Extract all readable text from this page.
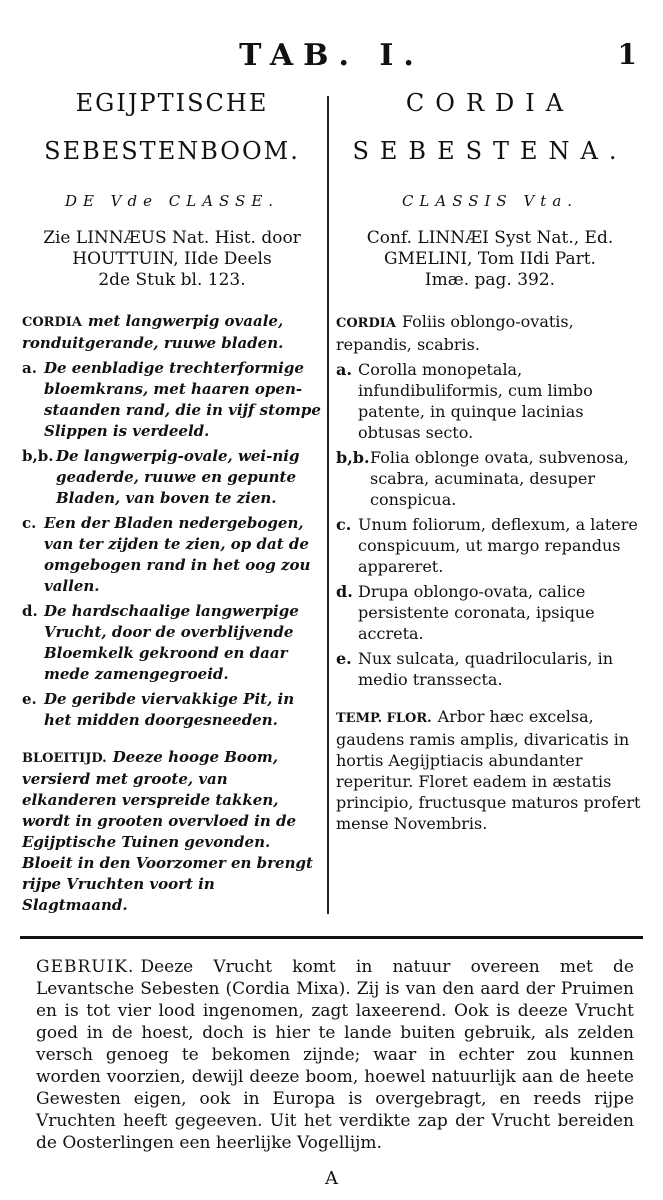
TAB. I.	1
EGIJPTISCHE
SEBESTENBOOM.
DE Vde CLASSE.
Zie LINNÆUS Nat. Hist. door
HOUTTUIN, IIde Deels
2de Stuk bl. 123.
CORDIA met langwerpig ovaale, ronduitgerande, ruuwe bladen.
a. De eenbladige trechterformige bloemkrans, met haaren open-staanden rand, die in vijf stompe Slippen is verdeeld.
b,b. De langwerpig-ovale, wei-nig geaderde, ruuwe en gepunte Bladen, van boven te zien.
c. Een der Bladen nedergebogen, van ter zijden te zien, op dat de omgebogen rand in het oog zou vallen.
d. De hardschaalige langwerpige Vrucht, door de overblijvende Bloemkelk gekroond en daar mede zamengegroeid.
e. De geribde viervakkige Pit, in het midden doorgesneeden.
BLOEITIJD. Deeze hooge Boom, versierd met groote, van elkanderen verspreide takken, wordt in grooten overvloed in de Egijptische Tuinen gevonden. Bloeit in den Voorzomer en brengt rijpe Vruchten voort in Slagtmaand.
CORDIA
SEBESTENA.
CLASSIS Vta.
Conf. LINNÆI Syst Nat., Ed.
GMELINI, Tom IIdi Part.
Imæ. pag. 392.
CORDIA Foliis oblongo-ovatis, repandis, scabris.
a. Corolla monopetala, infundibuliformis, cum limbo patente, in quinque lacinias obtusas secto.
b,b. Folia oblonge ovata, subvenosa, scabra, acuminata, desuper conspicua.
c. Unum foliorum, deflexum, a latere conspicuum, ut margo repandus appareret.
d. Drupa oblongo-ovata, calice persistente coronata, ipsique accreta.
e. Nux sulcata, quadrilocularis, in medio transsecta.
TEMP. FLOR. Arbor hæc excelsa, gaudens ramis amplis, divaricatis in hortis Aegijptiacis abundanter reperitur. Floret eadem in æstatis principio, fructusque maturos profert mense Novembris.
GEBRUIK. Deeze Vrucht komt in natuur overeen met de Levantsche Sebesten (Cordia Mixa). Zij is van den aard der Pruimen en is tot vier lood ingenomen, zagt laxeerend. Ook is deeze Vrucht goed in de hoest, doch is hier te lande buiten gebruik, als zelden versch genoeg te bekomen zijnde; waar in echter zou kunnen worden voorzien, dewijl deeze boom, hoewel natuurlijk aan de heete Gewesten eigen, ook in Europa is overgebragt, en reeds rijpe Vruchten heeft gegeeven. Uit het verdikte zap der Vrucht bereiden de Oosterlingen een heerlijke Vogellijm.
A
